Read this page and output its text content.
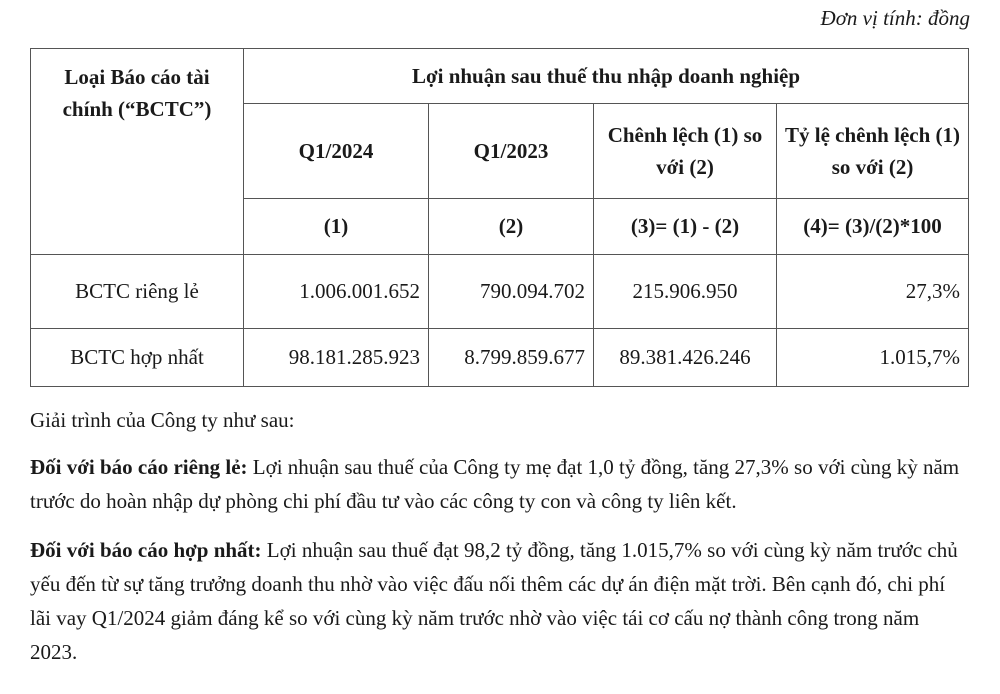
Đơn vị tính: đồng
Loại Báo cáo tài chính (“BCTC”)	Lợi nhuận sau thuế thu nhập doanh nghiệp			
	Q1/2024	Q1/2023	Chênh lệch (1) so với (2)	Tỷ lệ chênh lệch (1) so với (2)
	(1)	(2)	(3)= (1) - (2)	(4)= (3)/(2)*100
BCTC riêng lẻ	1.006.001.652	790.094.702	215.906.950	27,3%
BCTC hợp nhất	98.181.285.923	8.799.859.677	89.381.426.246	1.015,7%
Giải trình của Công ty như sau:
Đối với báo cáo riêng lẻ: Lợi nhuận sau thuế của Công ty mẹ đạt 1,0 tỷ đồng, tăng 27,3% so với cùng kỳ năm trước do hoàn nhập dự phòng chi phí đầu tư vào các công ty con và công ty liên kết.
Đối với báo cáo hợp nhất: Lợi nhuận sau thuế đạt 98,2 tỷ đồng, tăng 1.015,7% so với cùng kỳ năm trước chủ yếu đến từ sự tăng trưởng doanh thu nhờ vào việc đấu nối thêm các dự án điện mặt trời. Bên cạnh đó, chi phí lãi vay Q1/2024 giảm đáng kể so với cùng kỳ năm trước nhờ vào việc tái cơ cấu nợ thành công trong năm 2023.
